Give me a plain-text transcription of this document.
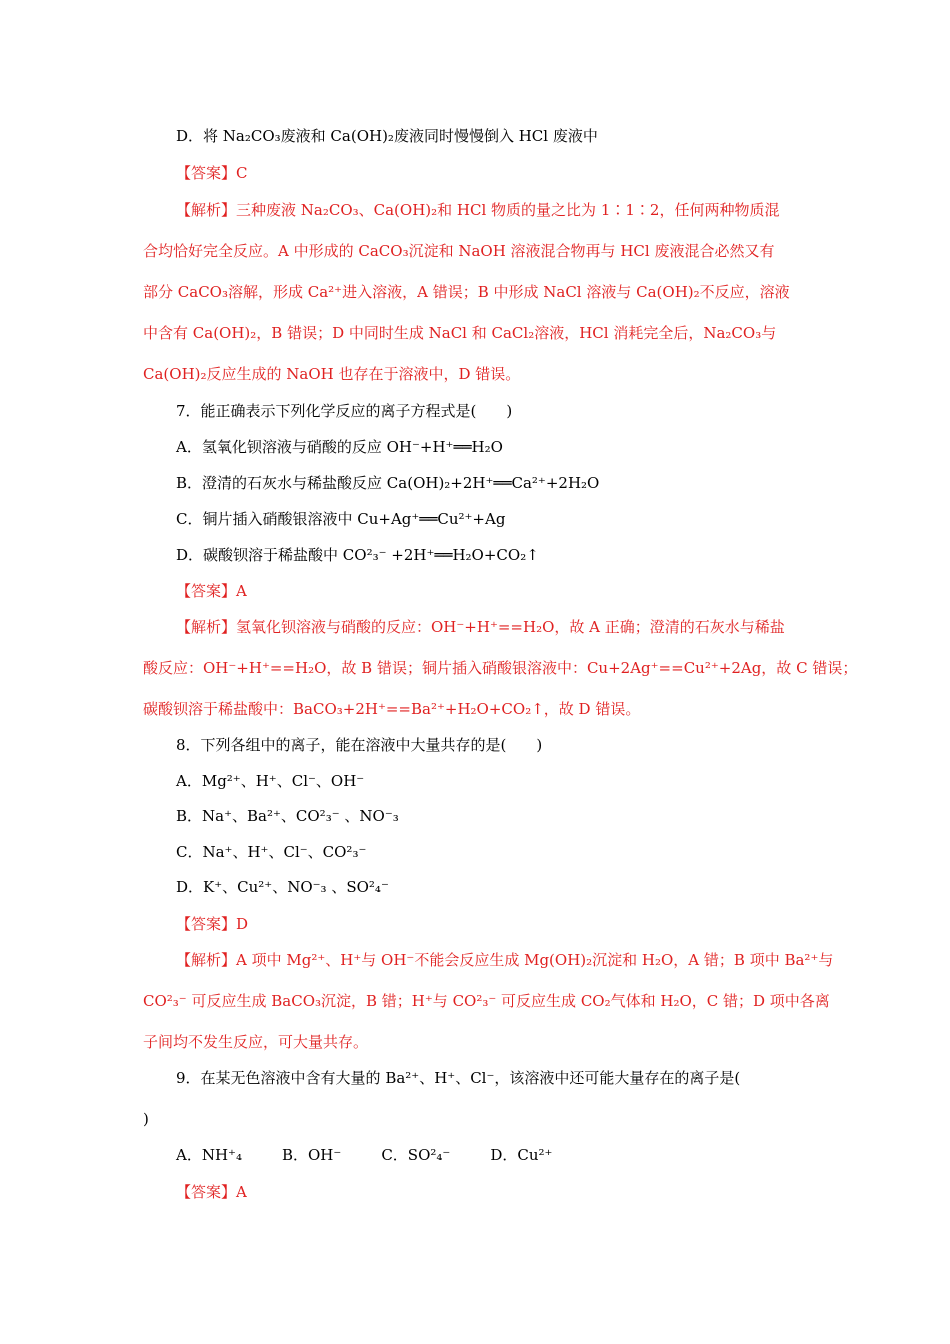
D．将 Na₂CO₃废液和 Ca(OH)₂废液同时慢慢倒入 HCl 废液中
【答案】C
【解析】三种废液 Na₂CO₃、Ca(OH)₂和 HCl 物质的量之比为 1∶1∶2，任何两种物质混
合均恰好完全反应。A 中形成的 CaCO₃沉淀和 NaOH 溶液混合物再与 HCl 废液混合必然又有
部分 CaCO₃溶解，形成 Ca²⁺进入溶液，A 错误；B 中形成 NaCl 溶液与 Ca(OH)₂不反应，溶液
中含有 Ca(OH)₂，B 错误；D 中同时生成 NaCl 和 CaCl₂溶液，HCl 消耗完全后，Na₂CO₃与
Ca(OH)₂反应生成的 NaOH 也存在于溶液中，D 错误。
7．能正确表示下列化学反应的离子方程式是(　　)
A．氢氧化钡溶液与硝酸的反应 OH⁻+H⁺══H₂O
B．澄清的石灰水与稀盐酸反应 Ca(OH)₂+2H⁺══Ca²⁺+2H₂O
C．铜片插入硝酸银溶液中 Cu+Ag⁺══Cu²⁺+Ag
D．碳酸钡溶于稀盐酸中 CO²₃⁻ +2H⁺══H₂O+CO₂↑
【答案】A
【解析】氢氧化钡溶液与硝酸的反应：OH⁻+H⁺==H₂O，故 A 正确；澄清的石灰水与稀盐
酸反应：OH⁻+H⁺==H₂O，故 B 错误；铜片插入硝酸银溶液中：Cu+2Ag⁺==Cu²⁺+2Ag，故 C 错误；
碳酸钡溶于稀盐酸中：BaCO₃+2H⁺==Ba²⁺+H₂O+CO₂↑，故 D 错误。
8．下列各组中的离子，能在溶液中大量共存的是(　　)
A．Mg²⁺、H⁺、Cl⁻、OH⁻
B．Na⁺、Ba²⁺、CO²₃⁻ 、NO⁻₃
C．Na⁺、H⁺、Cl⁻、CO²₃⁻
D．K⁺、Cu²⁺、NO⁻₃ 、SO²₄⁻
【答案】D
【解析】A 项中 Mg²⁺、H⁺与 OH⁻不能会反应生成 Mg(OH)₂沉淀和 H₂O，A 错；B 项中 Ba²⁺与
CO²₃⁻ 可反应生成 BaCO₃沉淀，B 错；H⁺与 CO²₃⁻ 可反应生成 CO₂气体和 H₂O，C 错；D 项中各离
子间均不发生反应，可大量共存。
9．在某无色溶液中含有大量的 Ba²⁺、H⁺、Cl⁻，该溶液中还可能大量存在的离子是(
)
A．NH⁺₄	B．OH⁻	C．SO²₄⁻	D．Cu²⁺
【答案】A
